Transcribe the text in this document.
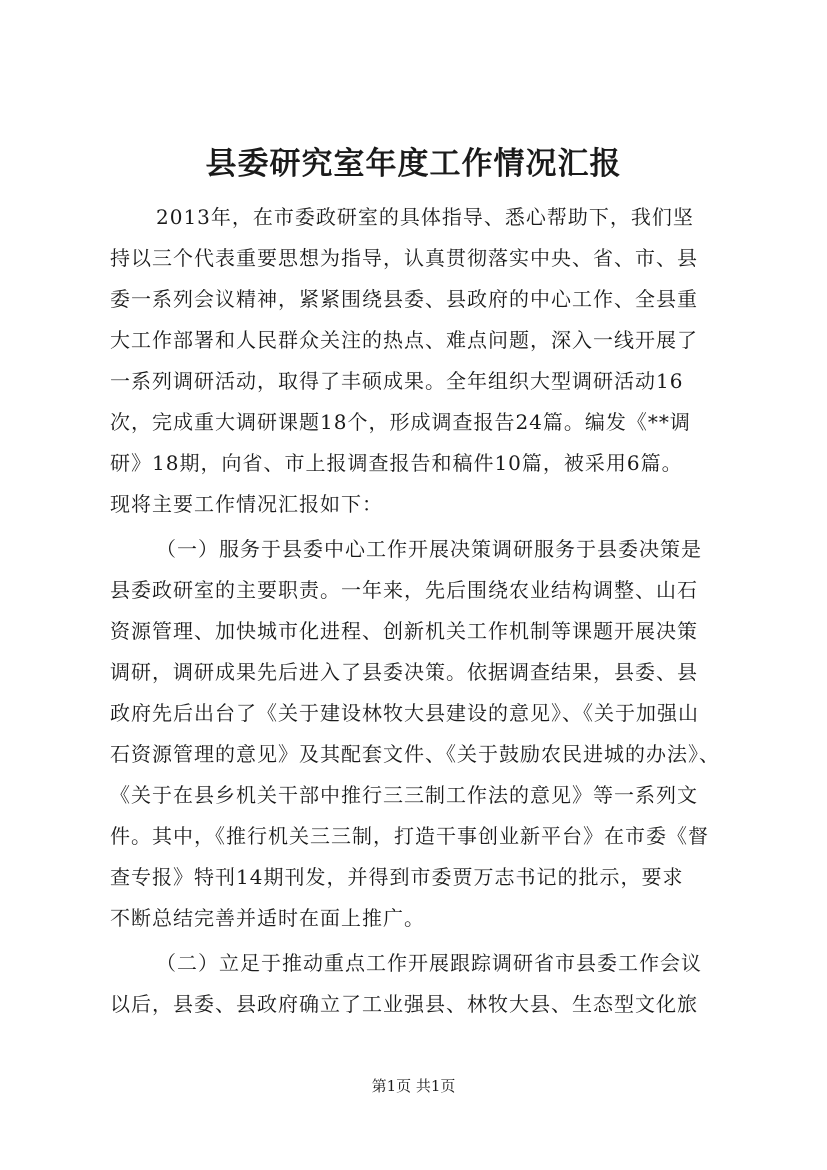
县委研究室年度工作情况汇报
2013年，在市委政研室的具体指导、悉心帮助下，我们坚
持以三个代表重要思想为指导，认真贯彻落实中央、省、市、县
委一系列会议精神，紧紧围绕县委、县政府的中心工作、全县重
大工作部署和人民群众关注的热点、难点问题，深入一线开展了
一系列调研活动，取得了丰硕成果。全年组织大型调研活动16
次，完成重大调研课题18个，形成调查报告24篇。编发《**调
研》18期，向省、市上报调查报告和稿件10篇，被采用6篇。
现将主要工作情况汇报如下：
（一）服务于县委中心工作开展决策调研服务于县委决策是
县委政研室的主要职责。一年来，先后围绕农业结构调整、山石
资源管理、加快城市化进程、创新机关工作机制等课题开展决策
调研，调研成果先后进入了县委决策。依据调查结果，县委、县
政府先后出台了《关于建设林牧大县建设的意见》、《关于加强山
石资源管理的意见》及其配套文件、《关于鼓励农民进城的办法》、
《关于在县乡机关干部中推行三三制工作法的意见》等一系列文
件。其中，《推行机关三三制，打造干事创业新平台》在市委《督
查专报》特刊14期刊发，并得到市委贾万志书记的批示，要求
不断总结完善并适时在面上推广。
（二）立足于推动重点工作开展跟踪调研省市县委工作会议
以后，县委、县政府确立了工业强县、林牧大县、生态型文化旅
第1页 共1页
